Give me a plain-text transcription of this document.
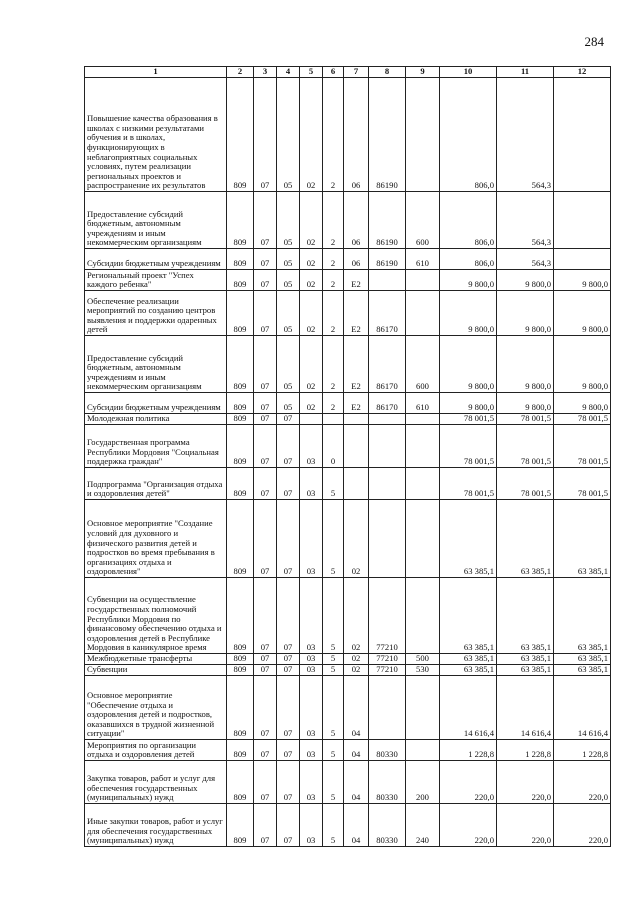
284
1	2	3	4	5	6	7	8	9	10	11	12
Повышение качества образования в школах с низкими результатами обучения и в школах, функционирующих в неблагоприятных социальных условиях, путем реализации региональных проектов и распространение их результатов	809	07	05	02	2	06	86190		806,0	564,3	
Предоставление субсидий бюджетным, автономным учреждениям и иным некоммерческим организациям	809	07	05	02	2	06	86190	600	806,0	564,3	
Субсидии бюджетным учреждениям	809	07	05	02	2	06	86190	610	806,0	564,3	
Региональный проект "Успех каждого ребенка"	809	07	05	02	2	E2			9 800,0	9 800,0	9 800,0
Обеспечение реализации мероприятий по созданию центров выявления и поддержки одаренных детей	809	07	05	02	2	E2	86170		9 800,0	9 800,0	9 800,0
Предоставление субсидий бюджетным, автономным учреждениям и иным некоммерческим организациям	809	07	05	02	2	E2	86170	600	9 800,0	9 800,0	9 800,0
Субсидии бюджетным учреждениям	809	07	05	02	2	E2	86170	610	9 800,0	9 800,0	9 800,0
Молодежная политика	809	07	07						78 001,5	78 001,5	78 001,5
Государственная программа Республики Мордовия "Социальная поддержка граждан"	809	07	07	03	0				78 001,5	78 001,5	78 001,5
Подпрограмма "Организация отдыха и оздоровления детей"	809	07	07	03	5				78 001,5	78 001,5	78 001,5
Основное мероприятие "Создание условий для духовного и физического развития детей и подростков во время пребывания в организациях отдыха и оздоровления"	809	07	07	03	5	02			63 385,1	63 385,1	63 385,1
Субвенции на осуществление государственных полномочий Республики Мордовия по финансовому обеспечению отдыха и оздоровления детей в Республике Мордовия в каникулярное время	809	07	07	03	5	02	77210		63 385,1	63 385,1	63 385,1
Межбюджетные трансферты	809	07	07	03	5	02	77210	500	63 385,1	63 385,1	63 385,1
Субвенции	809	07	07	03	5	02	77210	530	63 385,1	63 385,1	63 385,1
Основное мероприятие "Обеспечение отдыха и оздоровления детей и подростков, оказавшихся в трудной жизненной ситуации"	809	07	07	03	5	04			14 616,4	14 616,4	14 616,4
Мероприятия по организации отдыха и оздоровления детей	809	07	07	03	5	04	80330		1 228,8	1 228,8	1 228,8
Закупка товаров, работ и услуг для обеспечения государственных (муниципальных) нужд	809	07	07	03	5	04	80330	200	220,0	220,0	220,0
Иные закупки товаров, работ и услуг для обеспечения государственных (муниципальных) нужд	809	07	07	03	5	04	80330	240	220,0	220,0	220,0
